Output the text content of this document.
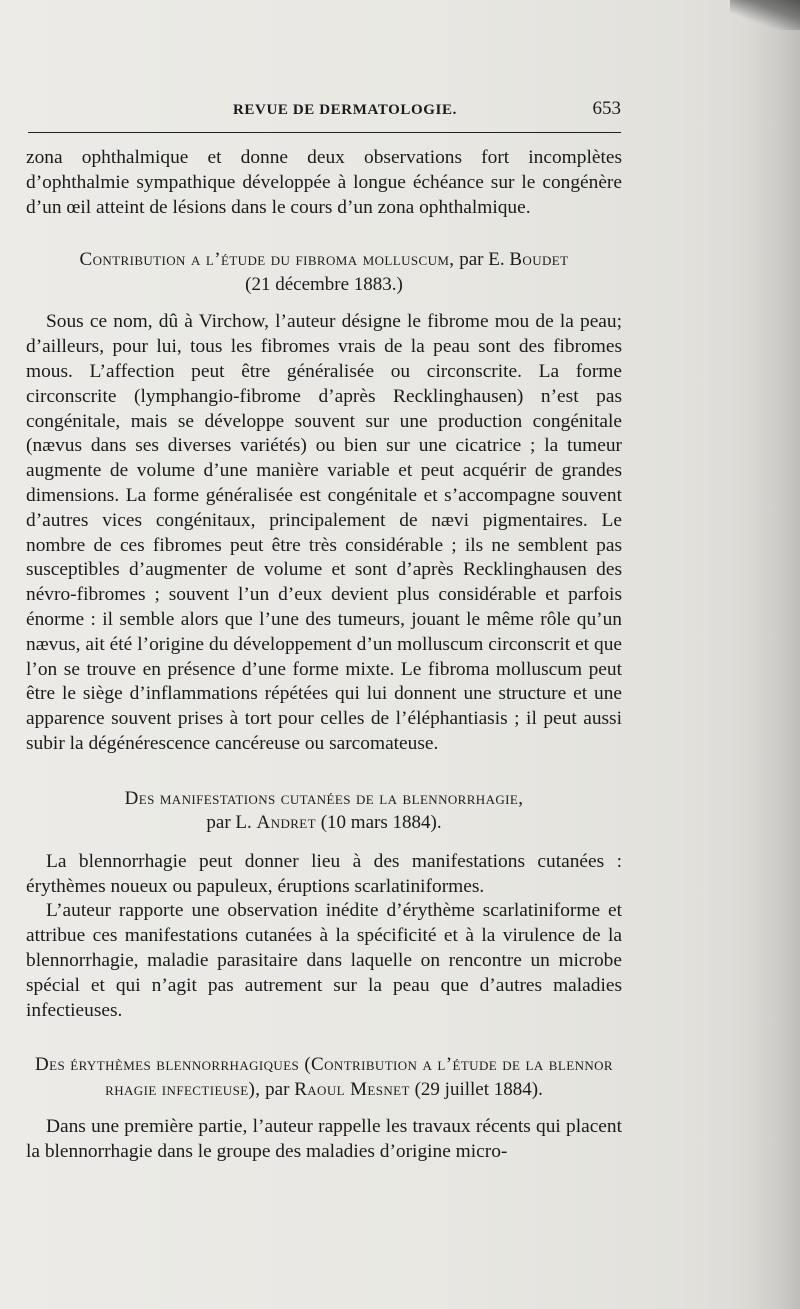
REVUE DE DERMATOLOGIE.	653

zona ophthalmique et donne deux observations fort incomplètes d’ophthalmie sympathique développée à longue échéance sur le congénère d’un œil atteint de lésions dans le cours d’un zona ophthalmique.

Contribution a l’étude du fibroma molluscum, par E. Boudet
(21 décembre 1883.)

Sous ce nom, dû à Virchow, l’auteur désigne le fibrome mou de la peau; d’ailleurs, pour lui, tous les fibromes vrais de la peau sont des fibromes mous. L’affection peut être généralisée ou circonscrite. La forme circonscrite (lymphangio-fibrome d’après Recklinghausen) n’est pas congénitale, mais se développe souvent sur une production congénitale (nævus dans ses diverses variétés) ou bien sur une cicatrice ; la tumeur augmente de volume d’une manière variable et peut acquérir de grandes dimensions. La forme généralisée est congénitale et s’accompagne souvent d’autres vices congénitaux, principalement de nævi pigmentaires. Le nombre de ces fibromes peut être très considérable ; ils ne semblent pas susceptibles d’augmenter de volume et sont d’après Recklinghausen des névro-fibromes ; souvent l’un d’eux devient plus considérable et parfois énorme : il semble alors que l’une des tumeurs, jouant le même rôle qu’un nævus, ait été l’origine du développement d’un molluscum circonscrit et que l’on se trouve en présence d’une forme mixte. Le fibroma molluscum peut être le siège d’inflammations répétées qui lui donnent une structure et une apparence souvent prises à tort pour celles de l’éléphantiasis ; il peut aussi subir la dégénérescence cancéreuse ou sarcomateuse.

Des manifestations cutanées de la blennorrhagie,
par L. Andret (10 mars 1884).

La blennorrhagie peut donner lieu à des manifestations cutanées : érythèmes noueux ou papuleux, éruptions scarlatiniformes.

L’auteur rapporte une observation inédite d’érythème scarlatiniforme et attribue ces manifestations cutanées à la spécificité et à la virulence de la blennorrhagie, maladie parasitaire dans laquelle on rencontre un microbe spécial et qui n’agit pas autrement sur la peau que d’autres maladies infectieuses.

Des érythèmes blennorrhagiques (Contribution a l’étude de la blennor
rhagie infectieuse), par Raoul Mesnet (29 juillet 1884).

Dans une première partie, l’auteur rappelle les travaux récents qui placent la blennorrhagie dans le groupe des maladies d’origine micro-
